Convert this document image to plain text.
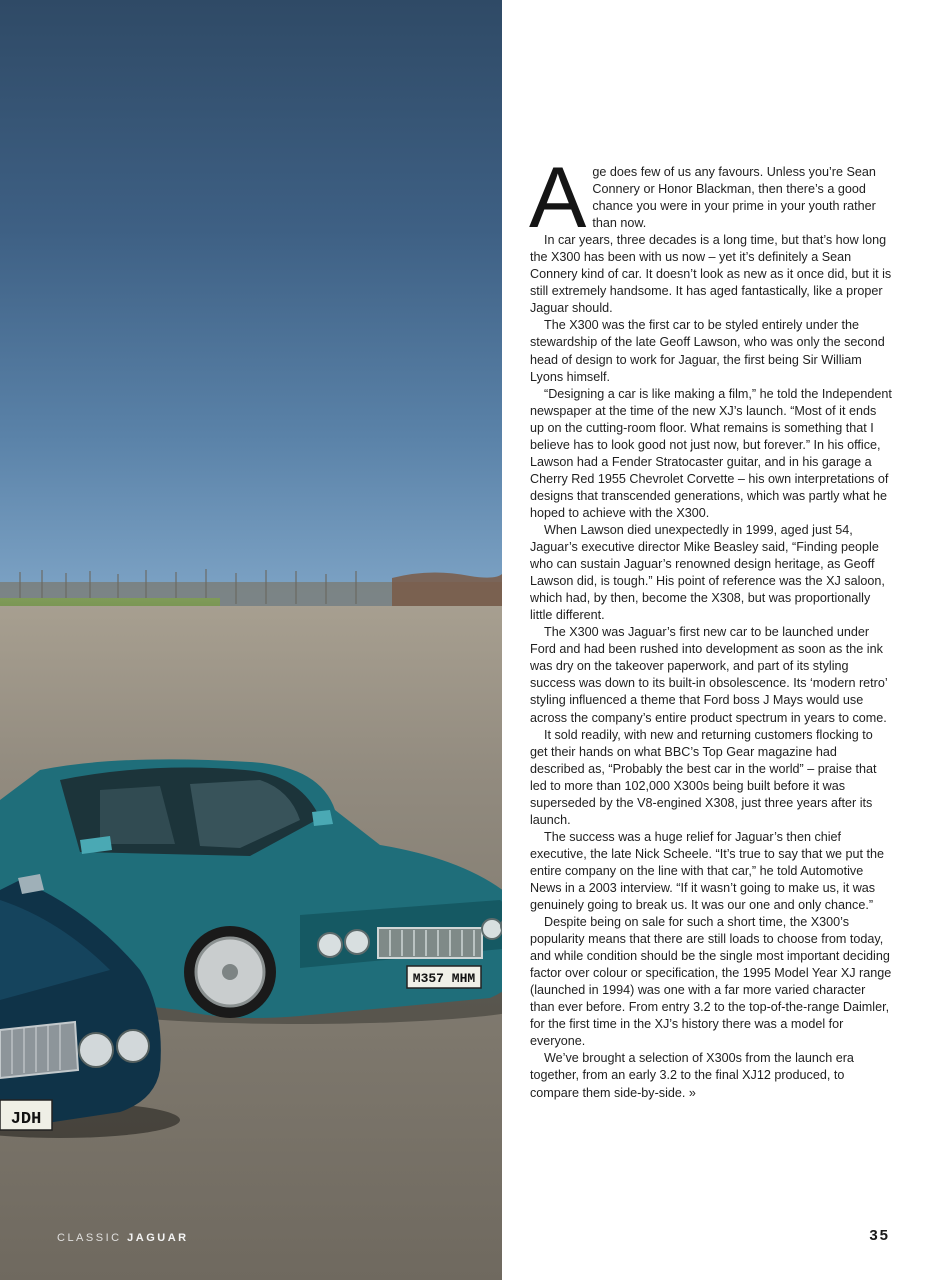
M357 MHM
JDH
CLASSIC JAGUAR
A ge does few of us any favours. Unless you’re Sean Connery or Honor Blackman, then there’s a good chance you were in your prime in your youth rather than now.

In car years, three decades is a long time, but that’s how long the X300 has been with us now – yet it’s definitely a Sean Connery kind of car. It doesn’t look as new as it once did, but it is still extremely handsome. It has aged fantastically, like a proper Jaguar should.

The X300 was the first car to be styled entirely under the stewardship of the late Geoff Lawson, who was only the second head of design to work for Jaguar, the first being Sir William Lyons himself.

“Designing a car is like making a film,” he told the Independent newspaper at the time of the new XJ’s launch. “Most of it ends up on the cutting-room floor. What remains is something that I believe has to look good not just now, but forever.” In his office, Lawson had a Fender Stratocaster guitar, and in his garage a Cherry Red 1955 Chevrolet Corvette – his own interpretations of designs that transcended generations, which was partly what he hoped to achieve with the X300.

When Lawson died unexpectedly in 1999, aged just 54, Jaguar’s executive director Mike Beasley said, “Finding people who can sustain Jaguar’s renowned design heritage, as Geoff Lawson did, is tough.” His point of reference was the XJ saloon, which had, by then, become the X308, but was proportionally little different.

The X300 was Jaguar’s first new car to be launched under Ford and had been rushed into development as soon as the ink was dry on the takeover paperwork, and part of its styling success was down to its built-in obsolescence. Its ‘modern retro’ styling influenced a theme that Ford boss J Mays would use across the company’s entire product spectrum in years to come.

It sold readily, with new and returning customers flocking to get their hands on what BBC’s Top Gear magazine had described as, “Probably the best car in the world” – praise that led to more than 102,000 X300s being built before it was superseded by the V8-engined X308, just three years after its launch.

The success was a huge relief for Jaguar’s then chief executive, the late Nick Scheele. “It’s true to say that we put the entire company on the line with that car,” he told Automotive News in a 2003 interview. “If it wasn’t going to make us, it was genuinely going to break us. It was our one and only chance.”

Despite being on sale for such a short time, the X300’s popularity means that there are still loads to choose from today, and while condition should be the single most important deciding factor over colour or specification, the 1995 Model Year XJ range (launched in 1994) was one with a far more varied character than ever before. From entry 3.2 to the top-of-the-range Daimler, for the first time in the XJ’s history there was a model for everyone.

We’ve brought a selection of X300s from the launch era together, from an early 3.2 to the final XJ12 produced, to compare them side-by-side. »

35
